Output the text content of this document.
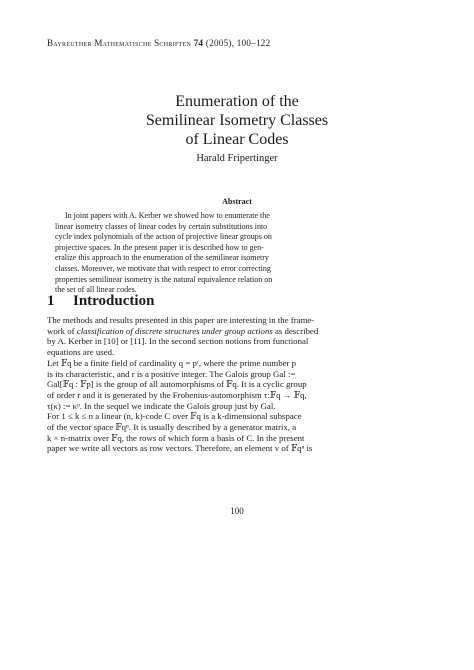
Bayreuther Mathematische Schriften 74 (2005), 100–122
Enumeration of the
Semilinear Isometry Classes
of Linear Codes
Harald Fripertinger
Abstract
In joint papers with A. Kerber we showed how to enumerate the
linear isometry classes of linear codes by certain substitutions into
cycle index polynomials of the action of projective linear groups on
projective spaces. In the present paper it is described how to gen-
eralize this approach to the enumeration of the semilinear isometry
classes. Moreover, we motivate that with respect to error correcting
properties semilinear isometry is the natural equivalence relation on
the set of all linear codes.
1 Introduction
The methods and results presented in this paper are interesting in the frame-
work of classification of discrete structures under group actions as described
by A. Kerber in [10] or [11]. In the second section notions from functional
equations are used.
Let 𝔽q be a finite field of cardinality q = pʳ, where the prime number p
is its characteristic, and r is a positive integer. The Galois group Gal :=
Gal[𝔽q : 𝔽p] is the group of all automorphisms of 𝔽q. It is a cyclic group
of order r and it is generated by the Frobenius-automorphism τ:𝔽q → 𝔽q,
τ(κ) := κᵖ. In the sequel we indicate the Galois group just by Gal.
For 1 ≤ k ≤ n a linear (n, k)-code C over 𝔽q is a k-dimensional subspace
of the vector space 𝔽qⁿ. It is usually described by a generator matrix, a
k × n-matrix over 𝔽q, the rows of which form a basis of C. In the present
paper we write all vectors as row vectors. Therefore, an element v of 𝔽qⁿ is
100
